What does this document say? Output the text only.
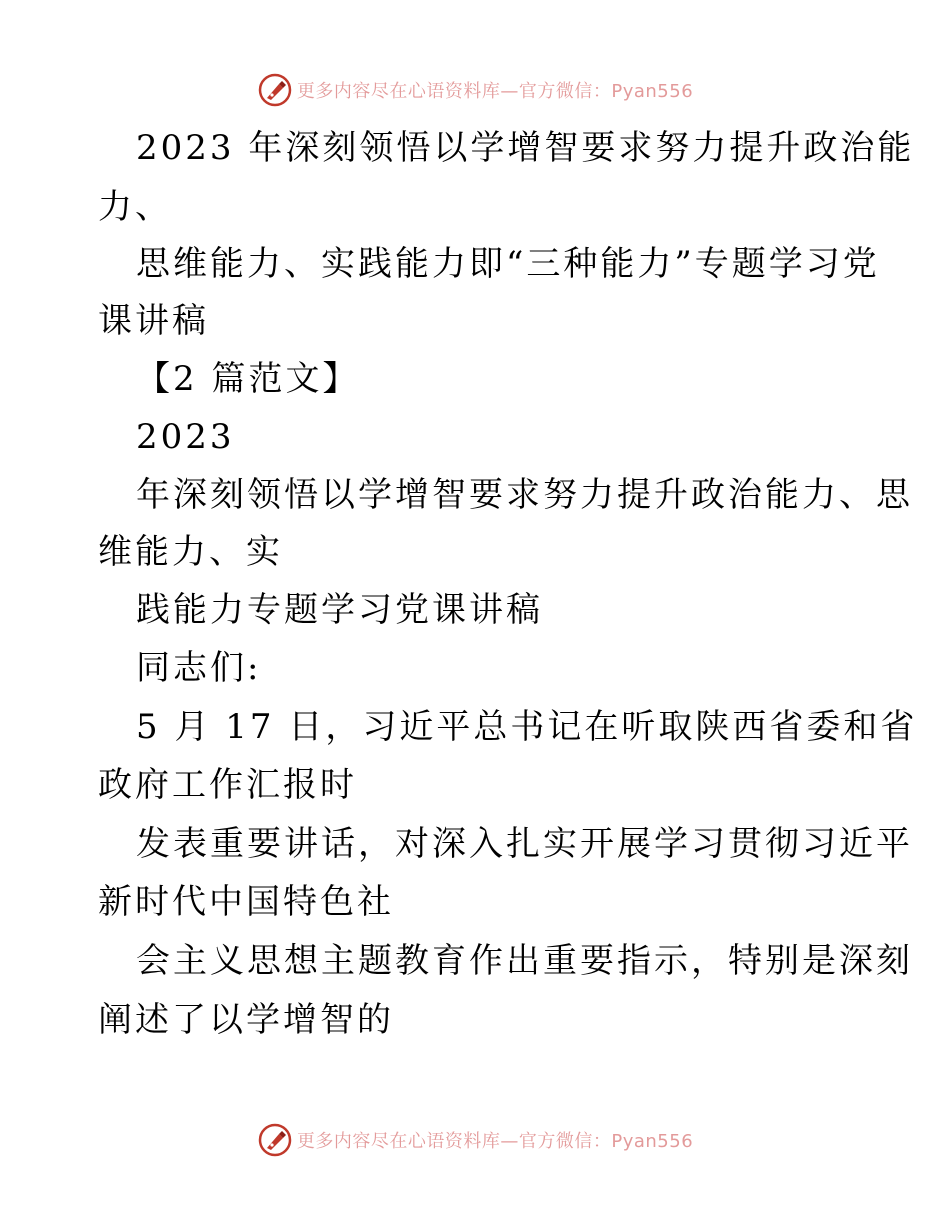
更多内容尽在心语资料库—官方微信：Pyan556
2023 年深刻领悟以学增智要求努力提升政治能
力、
思维能力、实践能力即“三种能力”专题学习党
课讲稿
【2 篇范文】
2023
年深刻领悟以学增智要求努力提升政治能力、思
维能力、实
践能力专题学习党课讲稿
同志们:
5 月 17 日，习近平总书记在听取陕西省委和省
政府工作汇报时
发表重要讲话，对深入扎实开展学习贯彻习近平
新时代中国特色社
会主义思想主题教育作出重要指示，特别是深刻
阐述了以学增智的
更多内容尽在心语资料库—官方微信：Pyan556
